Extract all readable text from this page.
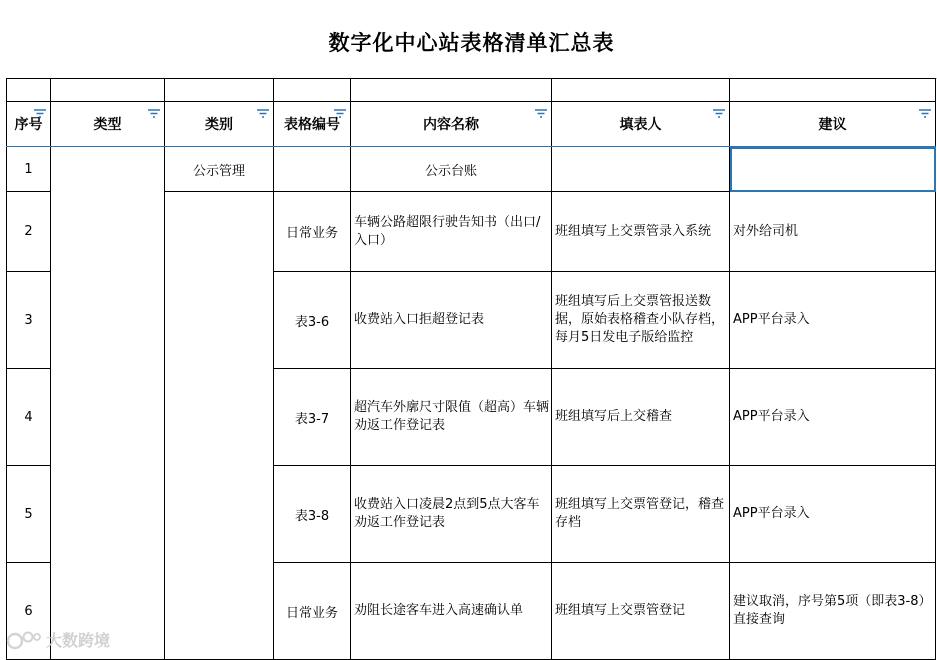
数字化中心站表格清单汇总表

序号	类型	类别	表格编号	内容名称	填表人	建议

1		公示管理		公示台账		
2			日常业务	车辆公路超限行驶告知书（出口/入口）	班组填写上交票管录入系统	对外给司机
3			表3-6	收费站入口拒超登记表	班组填写后上交票管报送数据，原始表格稽查小队存档，每月5日发电子版给监控	APP平台录入
4			表3-7	超汽车外廓尺寸限值（超高）车辆劝返工作登记表	班组填写后上交稽查	APP平台录入
5			表3-8	收费站入口凌晨2点到5点大客车劝返工作登记表	班组填写上交票管登记，稽查存档	APP平台录入
6			日常业务	劝阻长途客车进入高速确认单	班组填写上交票管登记	建议取消，序号第5项（即表3-8）直接查询
大数跨境
